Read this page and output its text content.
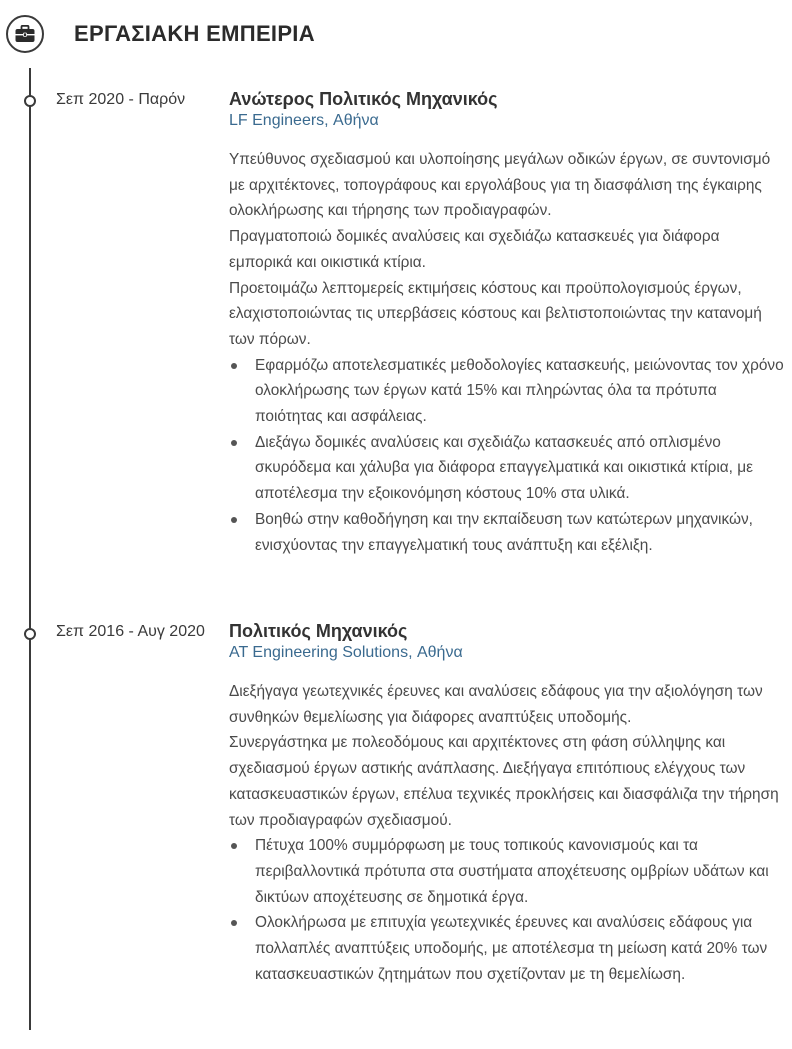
ΕΡΓΑΣΙΑΚΗ ΕΜΠΕΙΡΙΑ
Σεπ 2020 - Παρόν	Ανώτερος Πολιτικός Μηχανικός
LF Engineers, Αθήνα

Υπεύθυνος σχεδιασμού και υλοποίησης μεγάλων οδικών έργων, σε συντονισμό με αρχιτέκτονες, τοπογράφους και εργολάβους για τη διασφάλιση της έγκαιρης ολοκλήρωσης και τήρησης των προδιαγραφών.

Πραγματοποιώ δομικές αναλύσεις και σχεδιάζω κατασκευές για διάφορα εμπορικά και οικιστικά κτίρια.

Προετοιμάζω λεπτομερείς εκτιμήσεις κόστους και προϋπολογισμούς έργων, ελαχιστοποιώντας τις υπερβάσεις κόστους και βελτιστοποιώντας την κατανομή των πόρων.

Εφαρμόζω αποτελεσματικές μεθοδολογίες κατασκευής, μειώνοντας τον χρόνο ολοκλήρωσης των έργων κατά 15% και πληρώντας όλα τα πρότυπα ποιότητας και ασφάλειας.
Διεξάγω δομικές αναλύσεις και σχεδιάζω κατασκευές από οπλισμένο σκυρόδεμα και χάλυβα για διάφορα επαγγελματικά και οικιστικά κτίρια, με αποτέλεσμα την εξοικονόμηση κόστους 10% στα υλικά.
Βοηθώ στην καθοδήγηση και την εκπαίδευση των κατώτερων μηχανικών, ενισχύοντας την επαγγελματική τους ανάπτυξη και εξέλιξη.
Σεπ 2016 - Αυγ 2020	Πολιτικός Μηχανικός
AT Engineering Solutions, Αθήνα

Διεξήγαγα γεωτεχνικές έρευνες και αναλύσεις εδάφους για την αξιολόγηση των συνθηκών θεμελίωσης για διάφορες αναπτύξεις υποδομής.

Συνεργάστηκα με πολεοδόμους και αρχιτέκτονες στη φάση σύλληψης και σχεδιασμού έργων αστικής ανάπλασης. Διεξήγαγα επιτόπιους ελέγχους των κατασκευαστικών έργων, επέλυα τεχνικές προκλήσεις και διασφάλιζα την τήρηση των προδιαγραφών σχεδιασμού.

Πέτυχα 100% συμμόρφωση με τους τοπικούς κανονισμούς και τα περιβαλλοντικά πρότυπα στα συστήματα αποχέτευσης ομβρίων υδάτων και δικτύων αποχέτευσης σε δημοτικά έργα.
Ολοκλήρωσα με επιτυχία γεωτεχνικές έρευνες και αναλύσεις εδάφους για πολλαπλές αναπτύξεις υποδομής, με αποτέλεσμα τη μείωση κατά 20% των κατασκευαστικών ζητημάτων που σχετίζονταν με τη θεμελίωση.
